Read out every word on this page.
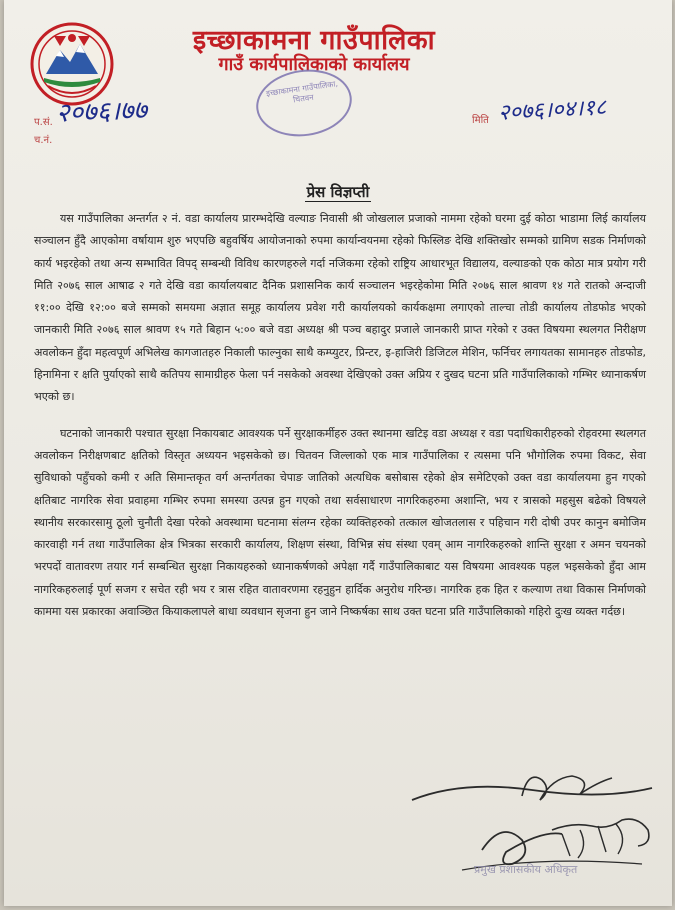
इच्छाकामना गाउँपालिका
गाउँ कार्यपालिकाको कार्यालय
इच्छाकामना गाउँपालिका, चितवन
प.सं. २०७६।७७
च.नं.
मिति २०७६।०४।१८
प्रेस विज्ञप्ती

यस गाउँपालिका अन्तर्गत २ नं. वडा कार्यालय प्रारम्भदेखि वल्याङ निवासी श्री जोखलाल प्रजाको नाममा रहेको घरमा दुई कोठा भाडामा लिई कार्यालय सञ्चालन हुँदै आएकोमा वर्षायाम शुरु भएपछि बहुवर्षिय आयोजनाको रुपमा कार्यान्वयनमा रहेको फिस्लिङ देखि शक्तिखोर सम्मको ग्रामिण सडक निर्माणको कार्य भइरहेको तथा अन्य सम्भावित विपद् सम्बन्धी विविध कारणहरुले गर्दा नजिकमा रहेको राष्ट्रिय आधारभूत विद्यालय, वल्याङको एक कोठा मात्र प्रयोग गरी मिति २०७६ साल आषाढ २ गते देखि वडा कार्यालयबाट दैनिक प्रशासनिक कार्य सञ्चालन भइरहेकोमा मिति २०७६ साल श्रावण १४ गते रातको अन्दाजी ११:०० देखि १२:०० बजे सम्मको समयमा अज्ञात समूह कार्यालय प्रवेश गरी कार्यालयको कार्यकक्षमा लगाएको ताल्चा तोडी कार्यालय तोडफोड भएको जानकारी मिति २०७६ साल श्रावण १५ गते बिहान ५:०० बजे वडा अध्यक्ष श्री पञ्च बहादुर प्रजाले जानकारी प्राप्त गरेको र उक्त विषयमा स्थलगत निरीक्षण अवलोकन हुँदा महत्वपूर्ण अभिलेख कागजातहरु निकाली फाल्नुका साथै कम्प्युटर, प्रिन्टर, इ-हाजिरी डिजिटल मेशिन, फर्निचर लगायतका सामानहरु तोडफोड, हिनामिना र क्षति पुर्याएको साथै कतिपय सामाग्रीहरु फेला पर्न नसकेको अवस्था देखिएको उक्त अप्रिय र दुखद घटना प्रति गाउँपालिकाको गम्भिर ध्यानाकर्षण भएको छ।

घटनाको जानकारी पश्चात सुरक्षा निकायबाट आवश्यक पर्ने सुरक्षाकर्मीहरु उक्त स्थानमा खटिइ वडा अध्यक्ष र वडा पदाधिकारीहरुको रोहवरमा स्थलगत अवलोकन निरीक्षणबाट क्षतिको विस्तृत अध्ययन भइसकेको छ। चितवन जिल्लाको एक मात्र गाउँपालिका र त्यसमा पनि भौगोलिक रुपमा विकट, सेवा सुविधाको पहुँचको कमी र अति सिमान्तकृत वर्ग अन्तर्गतका चेपाङ जातिको अत्यधिक बसोबास रहेको क्षेत्र समेटिएको उक्त वडा कार्यालयमा हुन गएको क्षतिबाट नागरिक सेवा प्रवाहमा गम्भिर रुपमा समस्या उत्पन्न हुन गएको तथा सर्वसाधारण नागरिकहरुमा अशान्ति, भय र त्रासको महसुस बढेको विषयले स्थानीय सरकारसामु ठूलो चुनौती देखा परेको अवस्थामा घटनामा संलग्न रहेका व्यक्तिहरुको तत्काल खोजतलास र पहिचान गरी दोषी उपर कानुन बमोजिम कारवाही गर्न तथा गाउँपालिका क्षेत्र भित्रका सरकारी कार्यालय, शिक्षण संस्था, विभिन्न संघ संस्था एवम् आम नागरिकहरुको शान्ति सुरक्षा र अमन चयनको भरपर्दो वातावरण तयार गर्न सम्बन्धित सुरक्षा निकायहरुको ध्यानाकर्षणको अपेक्षा गर्दै गाउँपालिकाबाट यस विषयमा आवश्यक पहल भइसकेको हुँदा आम नागरिकहरुलाई पूर्ण सजग र सचेत रही भय र त्रास रहित वातावरणमा रहनुहुन हार्दिक अनुरोध गरिन्छ। नागरिक हक हित र कल्याण तथा विकास निर्माणको काममा यस प्रकारका अवाञ्छित कियाकलापले बाधा व्यवधान सृजना हुन जाने निष्कर्षका साथ उक्त घटना प्रति गाउँपालिकाको गहिरो दुःख व्यक्त गर्दछ।

प्रमुख प्रशासकीय अधिकृत
